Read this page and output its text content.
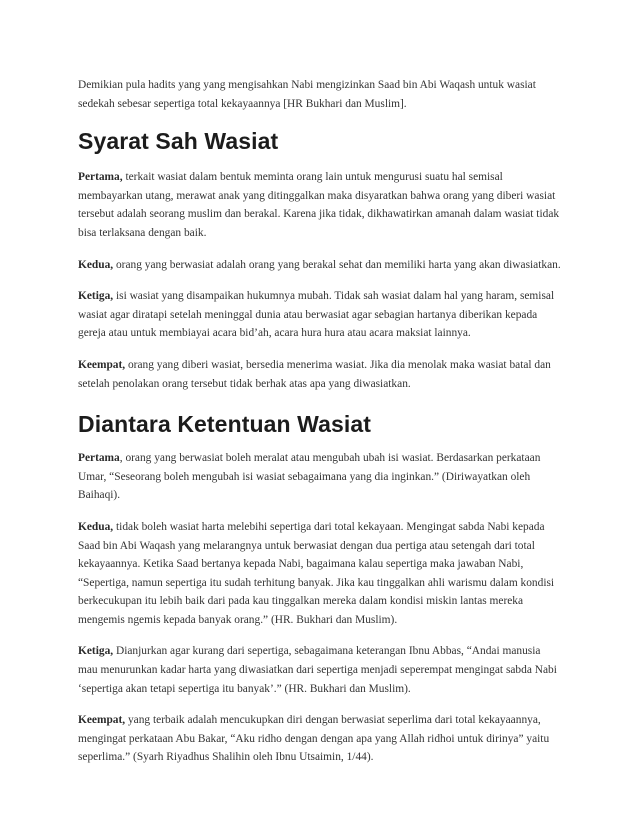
Demikian pula hadits yang yang mengisahkan Nabi mengizinkan Saad bin Abi Waqash untuk wasiat sedekah sebesar sepertiga total kekayaannya [HR Bukhari dan Muslim].

Syarat Sah Wasiat

Pertama, terkait wasiat dalam bentuk meminta orang lain untuk mengurusi suatu hal semisal membayarkan utang, merawat anak yang ditinggalkan maka disyaratkan bahwa orang yang diberi wasiat tersebut adalah seorang muslim dan berakal. Karena jika tidak, dikhawatirkan amanah dalam wasiat tidak bisa terlaksana dengan baik.

Kedua, orang yang berwasiat adalah orang yang berakal sehat dan memiliki harta yang akan diwasiatkan.

Ketiga, isi wasiat yang disampaikan hukumnya mubah. Tidak sah wasiat dalam hal yang haram, semisal wasiat agar diratapi setelah meninggal dunia atau berwasiat agar sebagian hartanya diberikan kepada gereja atau untuk membiayai acara bid’ah, acara hura hura atau acara maksiat lainnya.

Keempat, orang yang diberi wasiat, bersedia menerima wasiat. Jika dia menolak maka wasiat batal dan setelah penolakan orang tersebut tidak berhak atas apa yang diwasiatkan.

Diantara Ketentuan Wasiat

Pertama, orang yang berwasiat boleh meralat atau mengubah ubah isi wasiat. Berdasarkan perkataan Umar, “Seseorang boleh mengubah isi wasiat sebagaimana yang dia inginkan.” (Diriwayatkan oleh Baihaqi).

Kedua, tidak boleh wasiat harta melebihi sepertiga dari total kekayaan. Mengingat sabda Nabi kepada Saad bin Abi Waqash yang melarangnya untuk berwasiat dengan dua pertiga atau setengah dari total kekayaannya. Ketika Saad bertanya kepada Nabi, bagaimana kalau sepertiga maka jawaban Nabi, “Sepertiga, namun sepertiga itu sudah terhitung banyak. Jika kau tinggalkan ahli warismu dalam kondisi berkecukupan itu lebih baik dari pada kau tinggalkan mereka dalam kondisi miskin lantas mereka mengemis ngemis kepada banyak orang.” (HR. Bukhari dan Muslim).

Ketiga, Dianjurkan agar kurang dari sepertiga, sebagaimana keterangan Ibnu Abbas, “Andai manusia mau menurunkan kadar harta yang diwasiatkan dari sepertiga menjadi seperempat mengingat sabda Nabi ‘sepertiga akan tetapi sepertiga itu banyak’.” (HR. Bukhari dan Muslim).

Keempat, yang terbaik adalah mencukupkan diri dengan berwasiat seperlima dari total kekayaannya, mengingat perkataan Abu Bakar, “Aku ridho dengan dengan apa yang Allah ridhoi untuk dirinya” yaitu seperlima.” (Syarh Riyadhus Shalihin oleh Ibnu Utsaimin, 1/44).
